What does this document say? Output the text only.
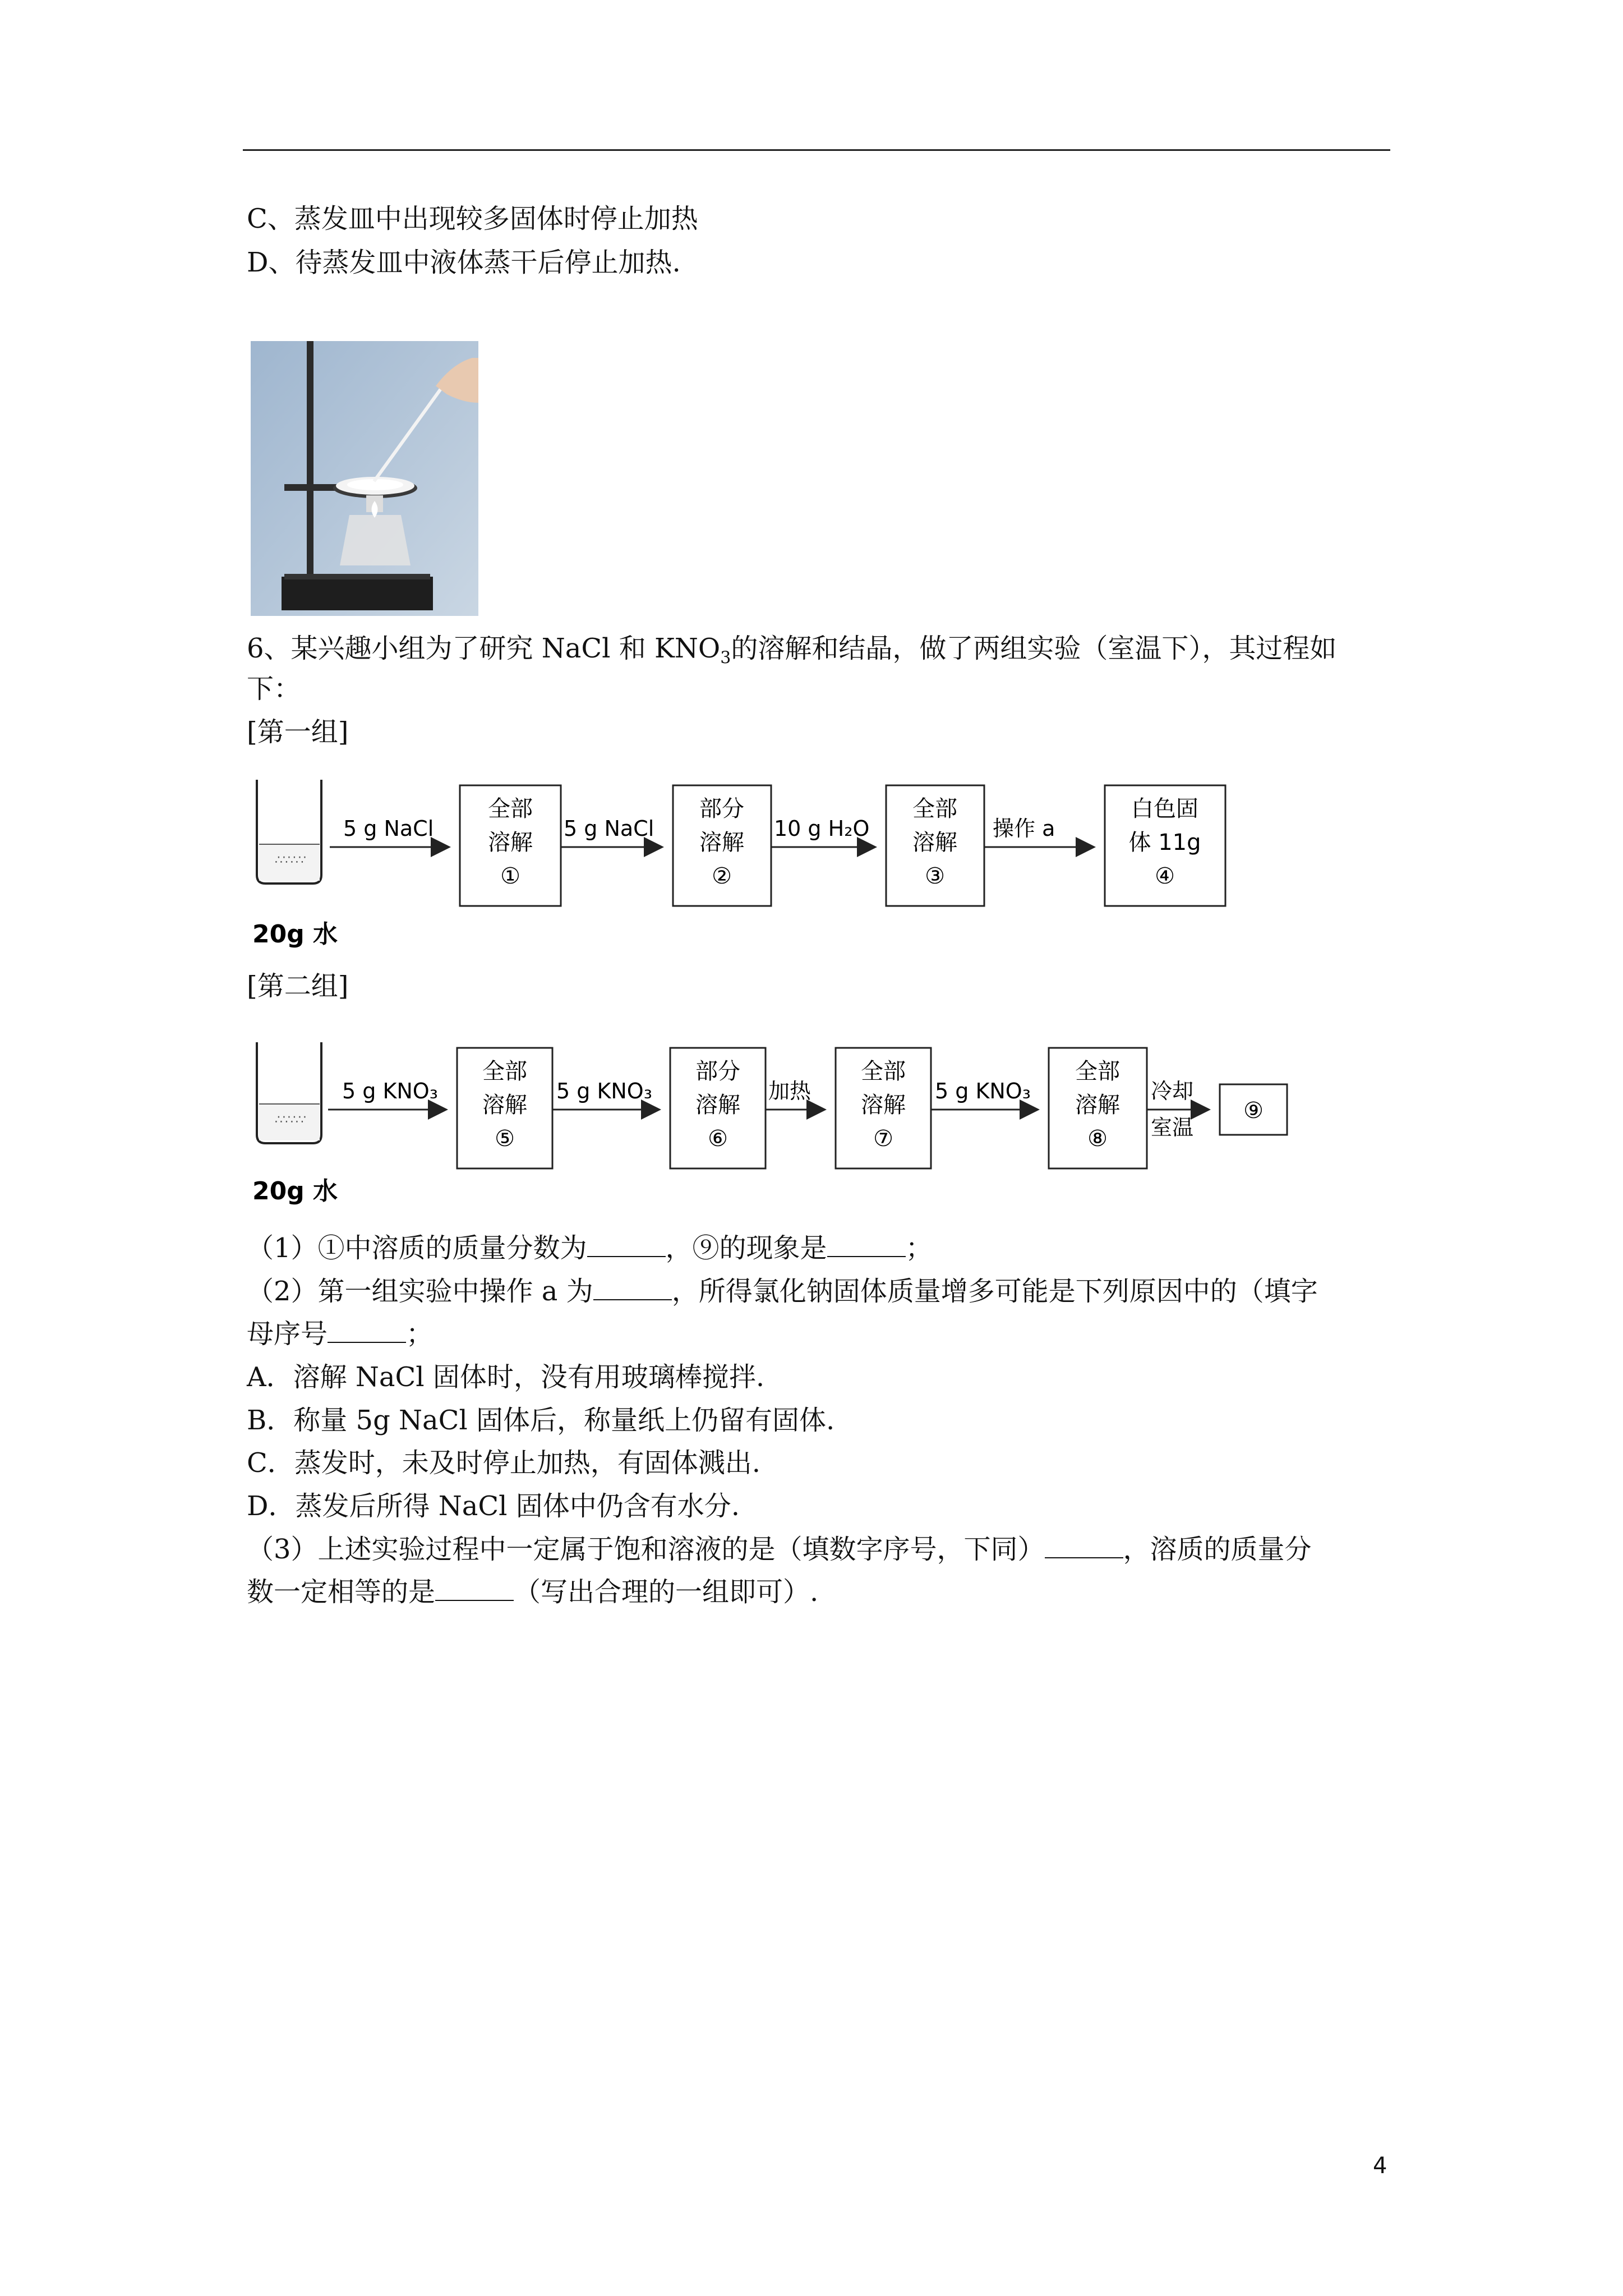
C、蒸发皿中出现较多固体时停止加热
D、待蒸发皿中液体蒸干后停止加热.
6、某兴趣小组为了研究 NaCl 和 $KNO_3$的溶解和结晶，做了两组实验（室温下），其过程如
下：
[第一组]
∴∵∴∵
20g 水
5 g NaCl
全部
溶解
①
5 g NaCl
部分
溶解
②
10 g H₂O
全部
溶解
③
操作 a
白色固
体 11g
④
[第二组]
∴∵∴∵
20g 水
5 g KNO₃
全部
溶解
⑤
5 g KNO₃
部分
溶解
⑥
加热
全部
溶解
⑦
5 g KNO₃
全部
溶解
⑧
冷却
室温
⑨
（1）①中溶质的质量分数为	，⑨的现象是	；
（2）第一组实验中操作 a 为	，所得氯化钠固体质量增多可能是下列原因中的（填字
母序号	；
A．溶解 NaCl 固体时，没有用玻璃棒搅拌.
B．称量 5g NaCl 固体后，称量纸上仍留有固体.
C．蒸发时，未及时停止加热，有固体溅出.
D．蒸发后所得 NaCl 固体中仍含有水分.
（3）上述实验过程中一定属于饱和溶液的是（填数字序号，下同）	，溶质的质量分
数一定相等的是	（写出合理的一组即可）.
4
